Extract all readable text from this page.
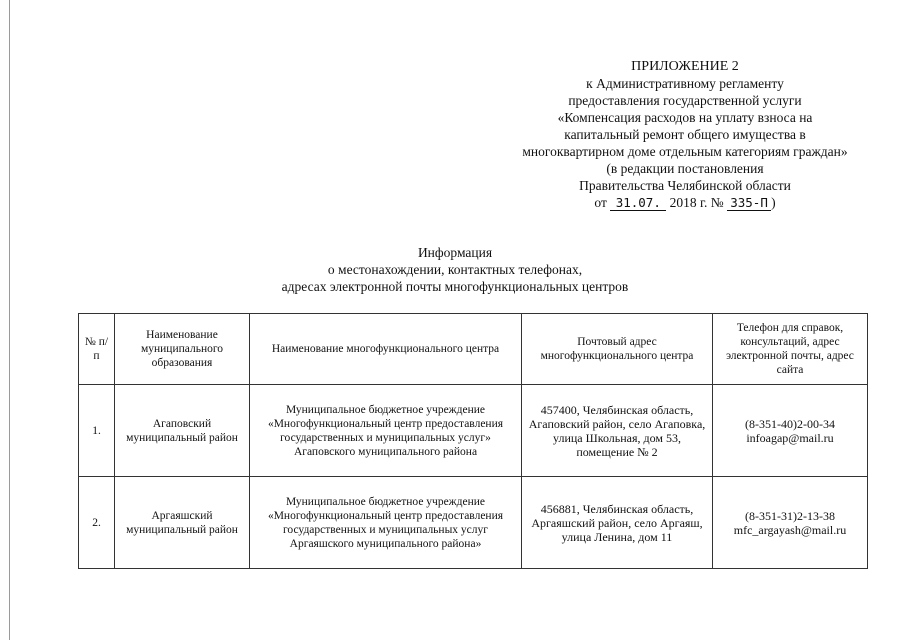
ПРИЛОЖЕНИЕ 2
к Административному регламенту
предоставления государственной услуги
«Компенсация расходов на уплату взноса на капитальный ремонт общего имущества в многоквартирном доме отдельным категориям граждан»
(в редакции постановления
Правительства Челябинской области
от 31.07. 2018 г. № 335-П )
Информация
о местонахождении, контактных телефонах,
адресах электронной почты многофункциональных центров
№ п/п	Наименование муниципального образования	Наименование многофункционального центра	Почтовый адрес многофункционального центра	Телефон для справок, консультаций, адрес электронной почты, адрес сайта
1.	Агаповский муниципальный район	Муниципальное бюджетное учреждение «Многофункциональный центр предоставления государственных и муниципальных услуг» Агаповского муниципального района	457400, Челябинская область, Агаповский район, село Агаповка, улица Школьная, дом 53, помещение № 2	(8-351-40)2-00-34
infoagap@mail.ru

2.	Аргаяшский муниципальный район	Муниципальное бюджетное учреждение «Многофункциональный центр предоставления государственных и муниципальных услуг Аргаяшского муниципального района»	456881, Челябинская область, Аргаяшский район, село Аргаяш, улица Ленина, дом 11	(8-351-31)2-13-38
mfc_argayash@mail.ru
